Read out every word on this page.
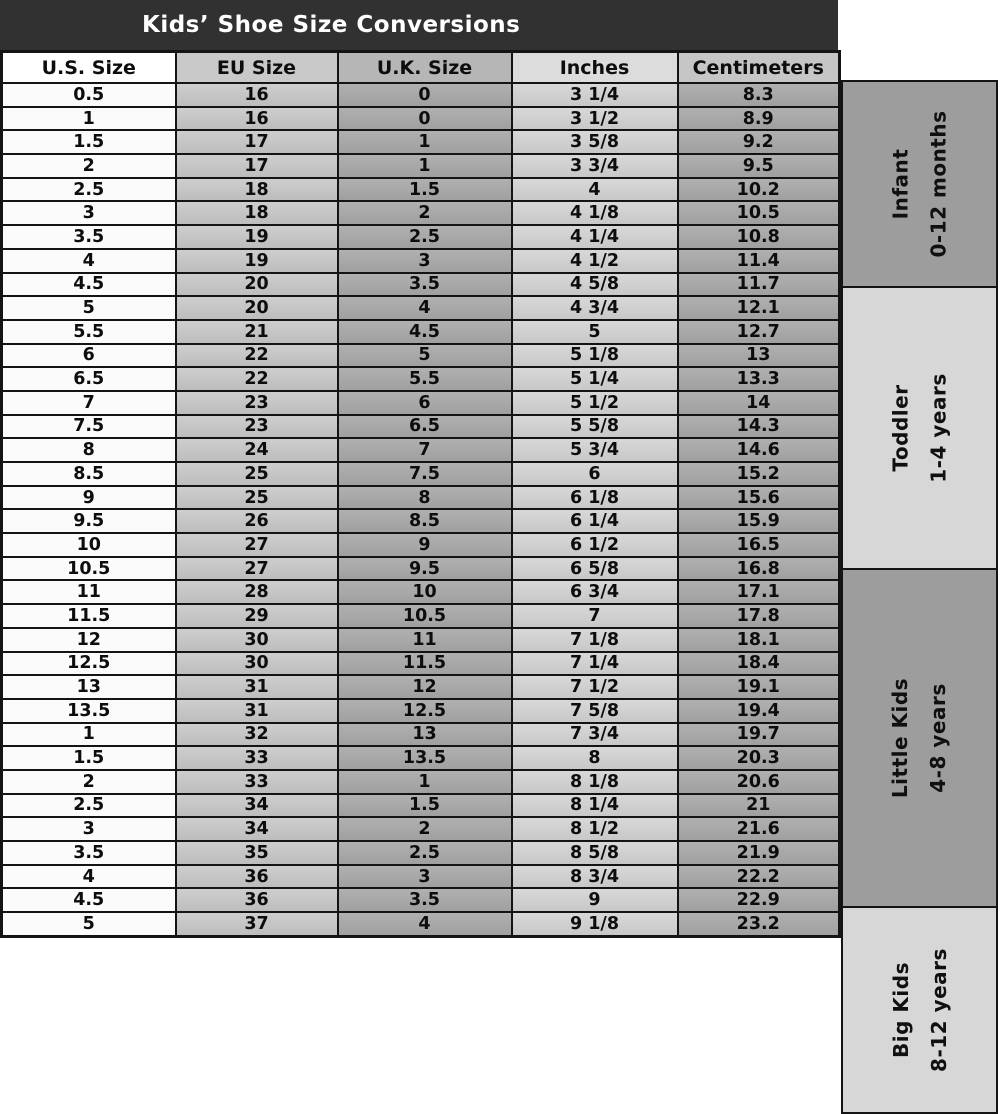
Kids’ Shoe Size Conversions
U.S. Size	EU Size	U.K. Size	Inches	Centimeters
0.5	16	0	3 1/4	8.3
1	16	0	3 1/2	8.9
1.5	17	1	3 5/8	9.2
2	17	1	3 3/4	9.5
2.5	18	1.5	4	10.2
3	18	2	4 1/8	10.5
3.5	19	2.5	4 1/4	10.8
4	19	3	4 1/2	11.4
4.5	20	3.5	4 5/8	11.7
5	20	4	4 3/4	12.1
5.5	21	4.5	5	12.7
6	22	5	5 1/8	13
6.5	22	5.5	5 1/4	13.3
7	23	6	5 1/2	14
7.5	23	6.5	5 5/8	14.3
8	24	7	5 3/4	14.6
8.5	25	7.5	6	15.2
9	25	8	6 1/8	15.6
9.5	26	8.5	6 1/4	15.9
10	27	9	6 1/2	16.5
10.5	27	9.5	6 5/8	16.8
11	28	10	6 3/4	17.1
11.5	29	10.5	7	17.8
12	30	11	7 1/8	18.1
12.5	30	11.5	7 1/4	18.4
13	31	12	7 1/2	19.1
13.5	31	12.5	7 5/8	19.4
1	32	13	7 3/4	19.7
1.5	33	13.5	8	20.3
2	33	1	8 1/8	20.6
2.5	34	1.5	8 1/4	21
3	34	2	8 1/2	21.6
3.5	35	2.5	8 5/8	21.9
4	36	3	8 3/4	22.2
4.5	36	3.5	9	22.9
5	37	4	9 1/8	23.2
Infant 0-12 months
Toddler 1-4 years
Little Kids 4-8 years
Big Kids 8-12 years
